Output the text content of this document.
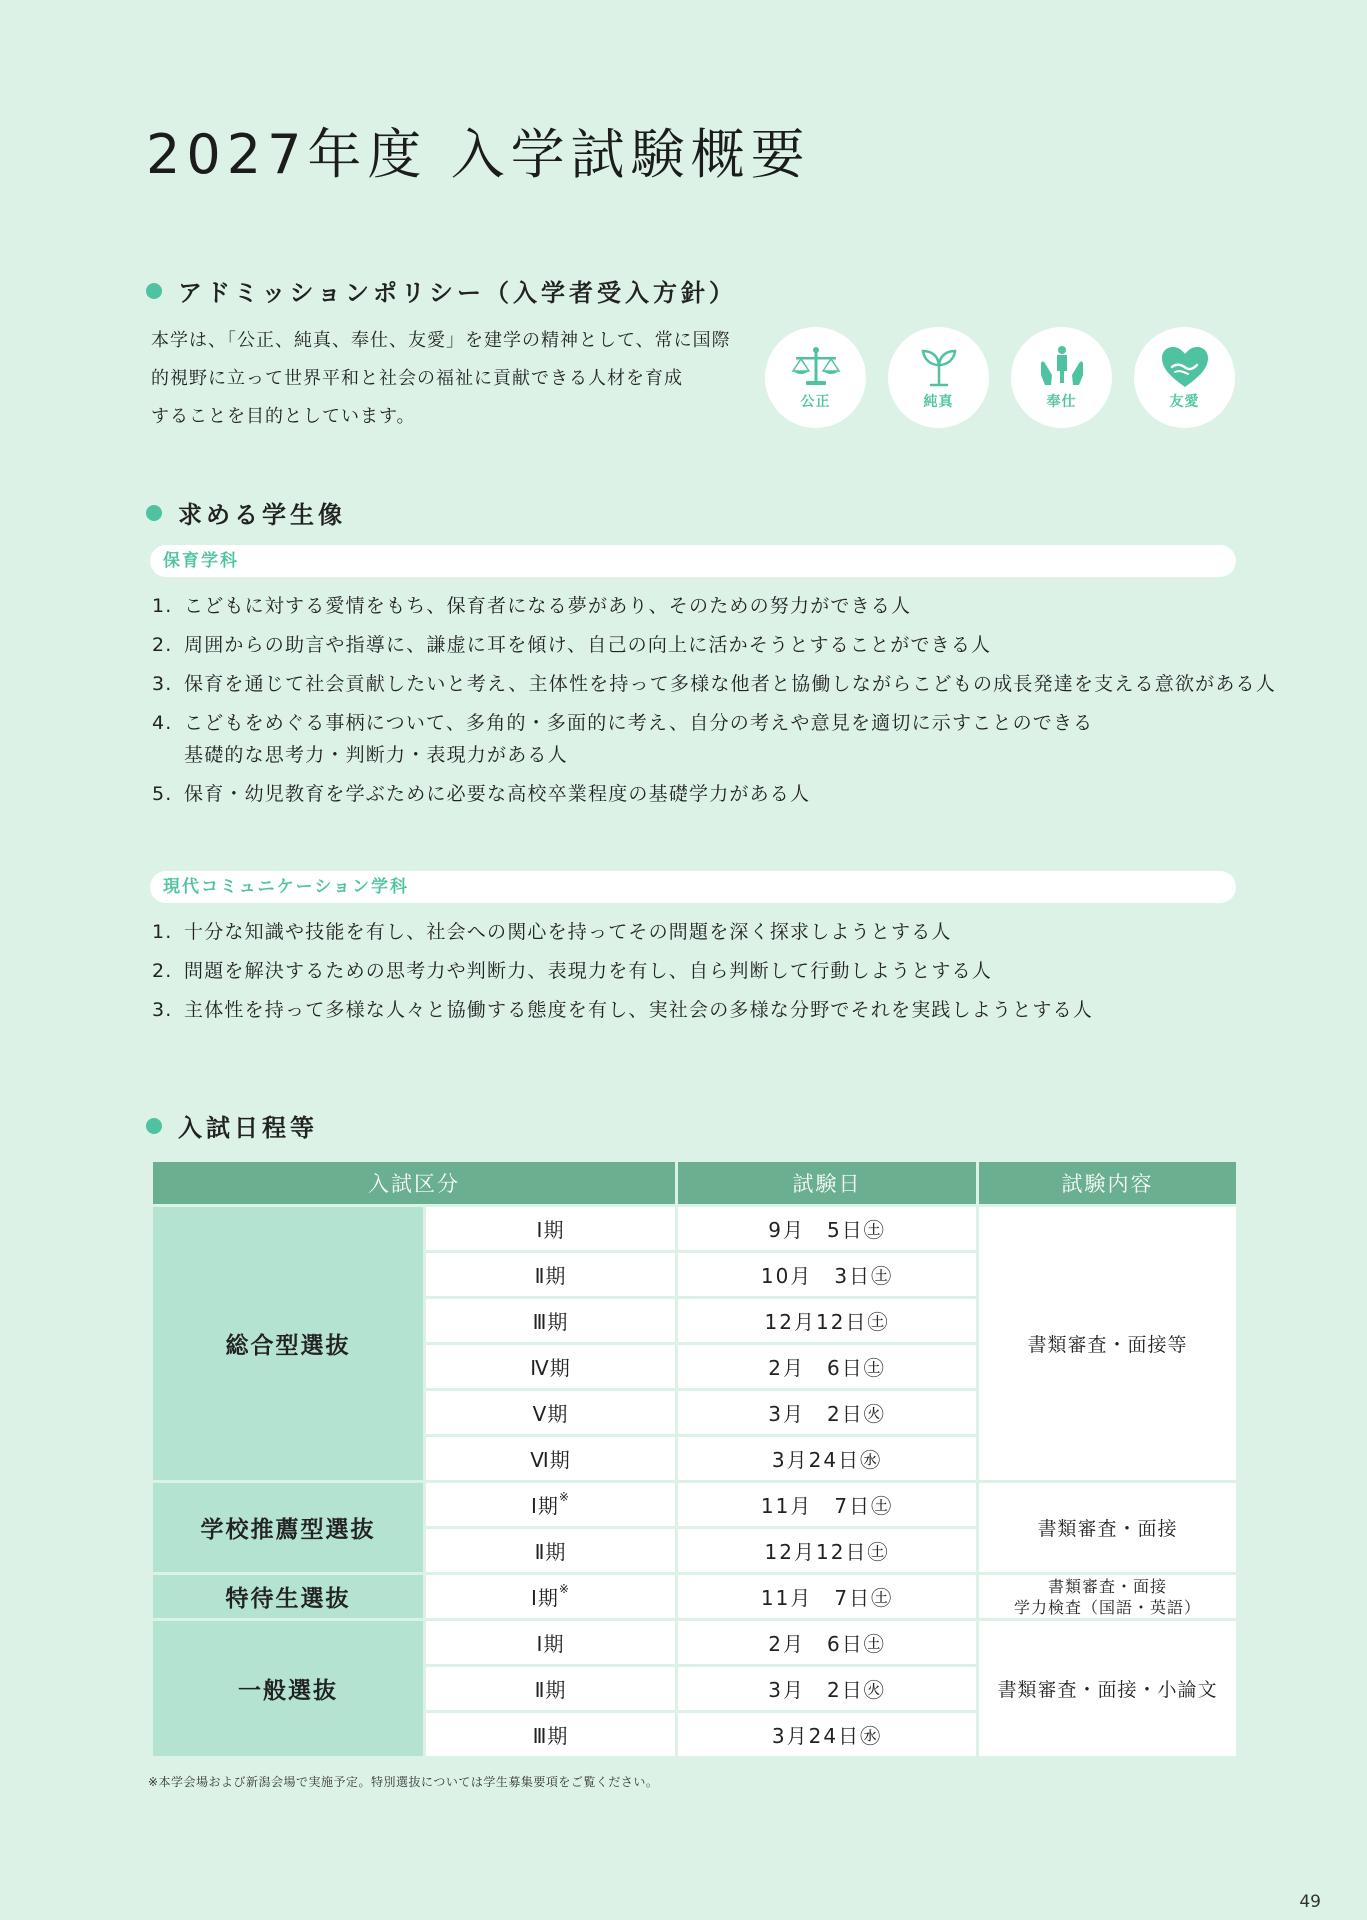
2027年度 入学試験概要
アドミッションポリシー（入学者受入方針）

本学は、「公正、純真、奉仕、友愛」を建学の精神として、常に国際

的視野に立って世界平和と社会の福祉に貢献できる人材を育成

することを目的としています。

公正	純真	奉仕	友愛
求める学生像
保育学科
1. こどもに対する愛情をもち、保育者になる夢があり、そのための努力ができる人
2. 周囲からの助言や指導に、謙虚に耳を傾け、自己の向上に活かそうとすることができる人
3. 保育を通じて社会貢献したいと考え、主体性を持って多様な他者と協働しながらこどもの成長発達を支える意欲がある人
4. こどもをめぐる事柄について、多角的・多面的に考え、自分の考えや意見を適切に示すことのできる
基礎的な思考力・判断力・表現力がある人
5. 保育・幼児教育を学ぶために必要な高校卒業程度の基礎学力がある人
現代コミュニケーション学科
1. 十分な知識や技能を有し、社会への関心を持ってその問題を深く探求しようとする人
2. 問題を解決するための思考力や判断力、表現力を有し、自ら判断して行動しようとする人
3. 主体性を持って多様な人々と協働する態度を有し、実社会の多様な分野でそれを実践しようとする人
入試日程等
入試区分		試験日	試験内容
総合型選抜	Ⅰ期	9月　5日㊏	書類審査・面接等
	Ⅱ期	10月　3日㊏	
	Ⅲ期	12月12日㊏	
	Ⅳ期	2月　6日㊏	
	Ⅴ期	3月　2日㊋	
	Ⅵ期	3月24日㊌	
学校推薦型選抜	Ⅰ期※	11月　7日㊏	書類審査・面接
	Ⅱ期	12月12日㊏	
特待生選抜	Ⅰ期※	11月　7日㊏	書類審査・面接
学力検査（国語・英語）

一般選抜	Ⅰ期	2月　6日㊏	書類審査・面接・小論文
	Ⅱ期	3月　2日㊋	
	Ⅲ期	3月24日㊌	

※本学会場および新潟会場で実施予定。特別選抜については学生募集要項をご覧ください。

49
